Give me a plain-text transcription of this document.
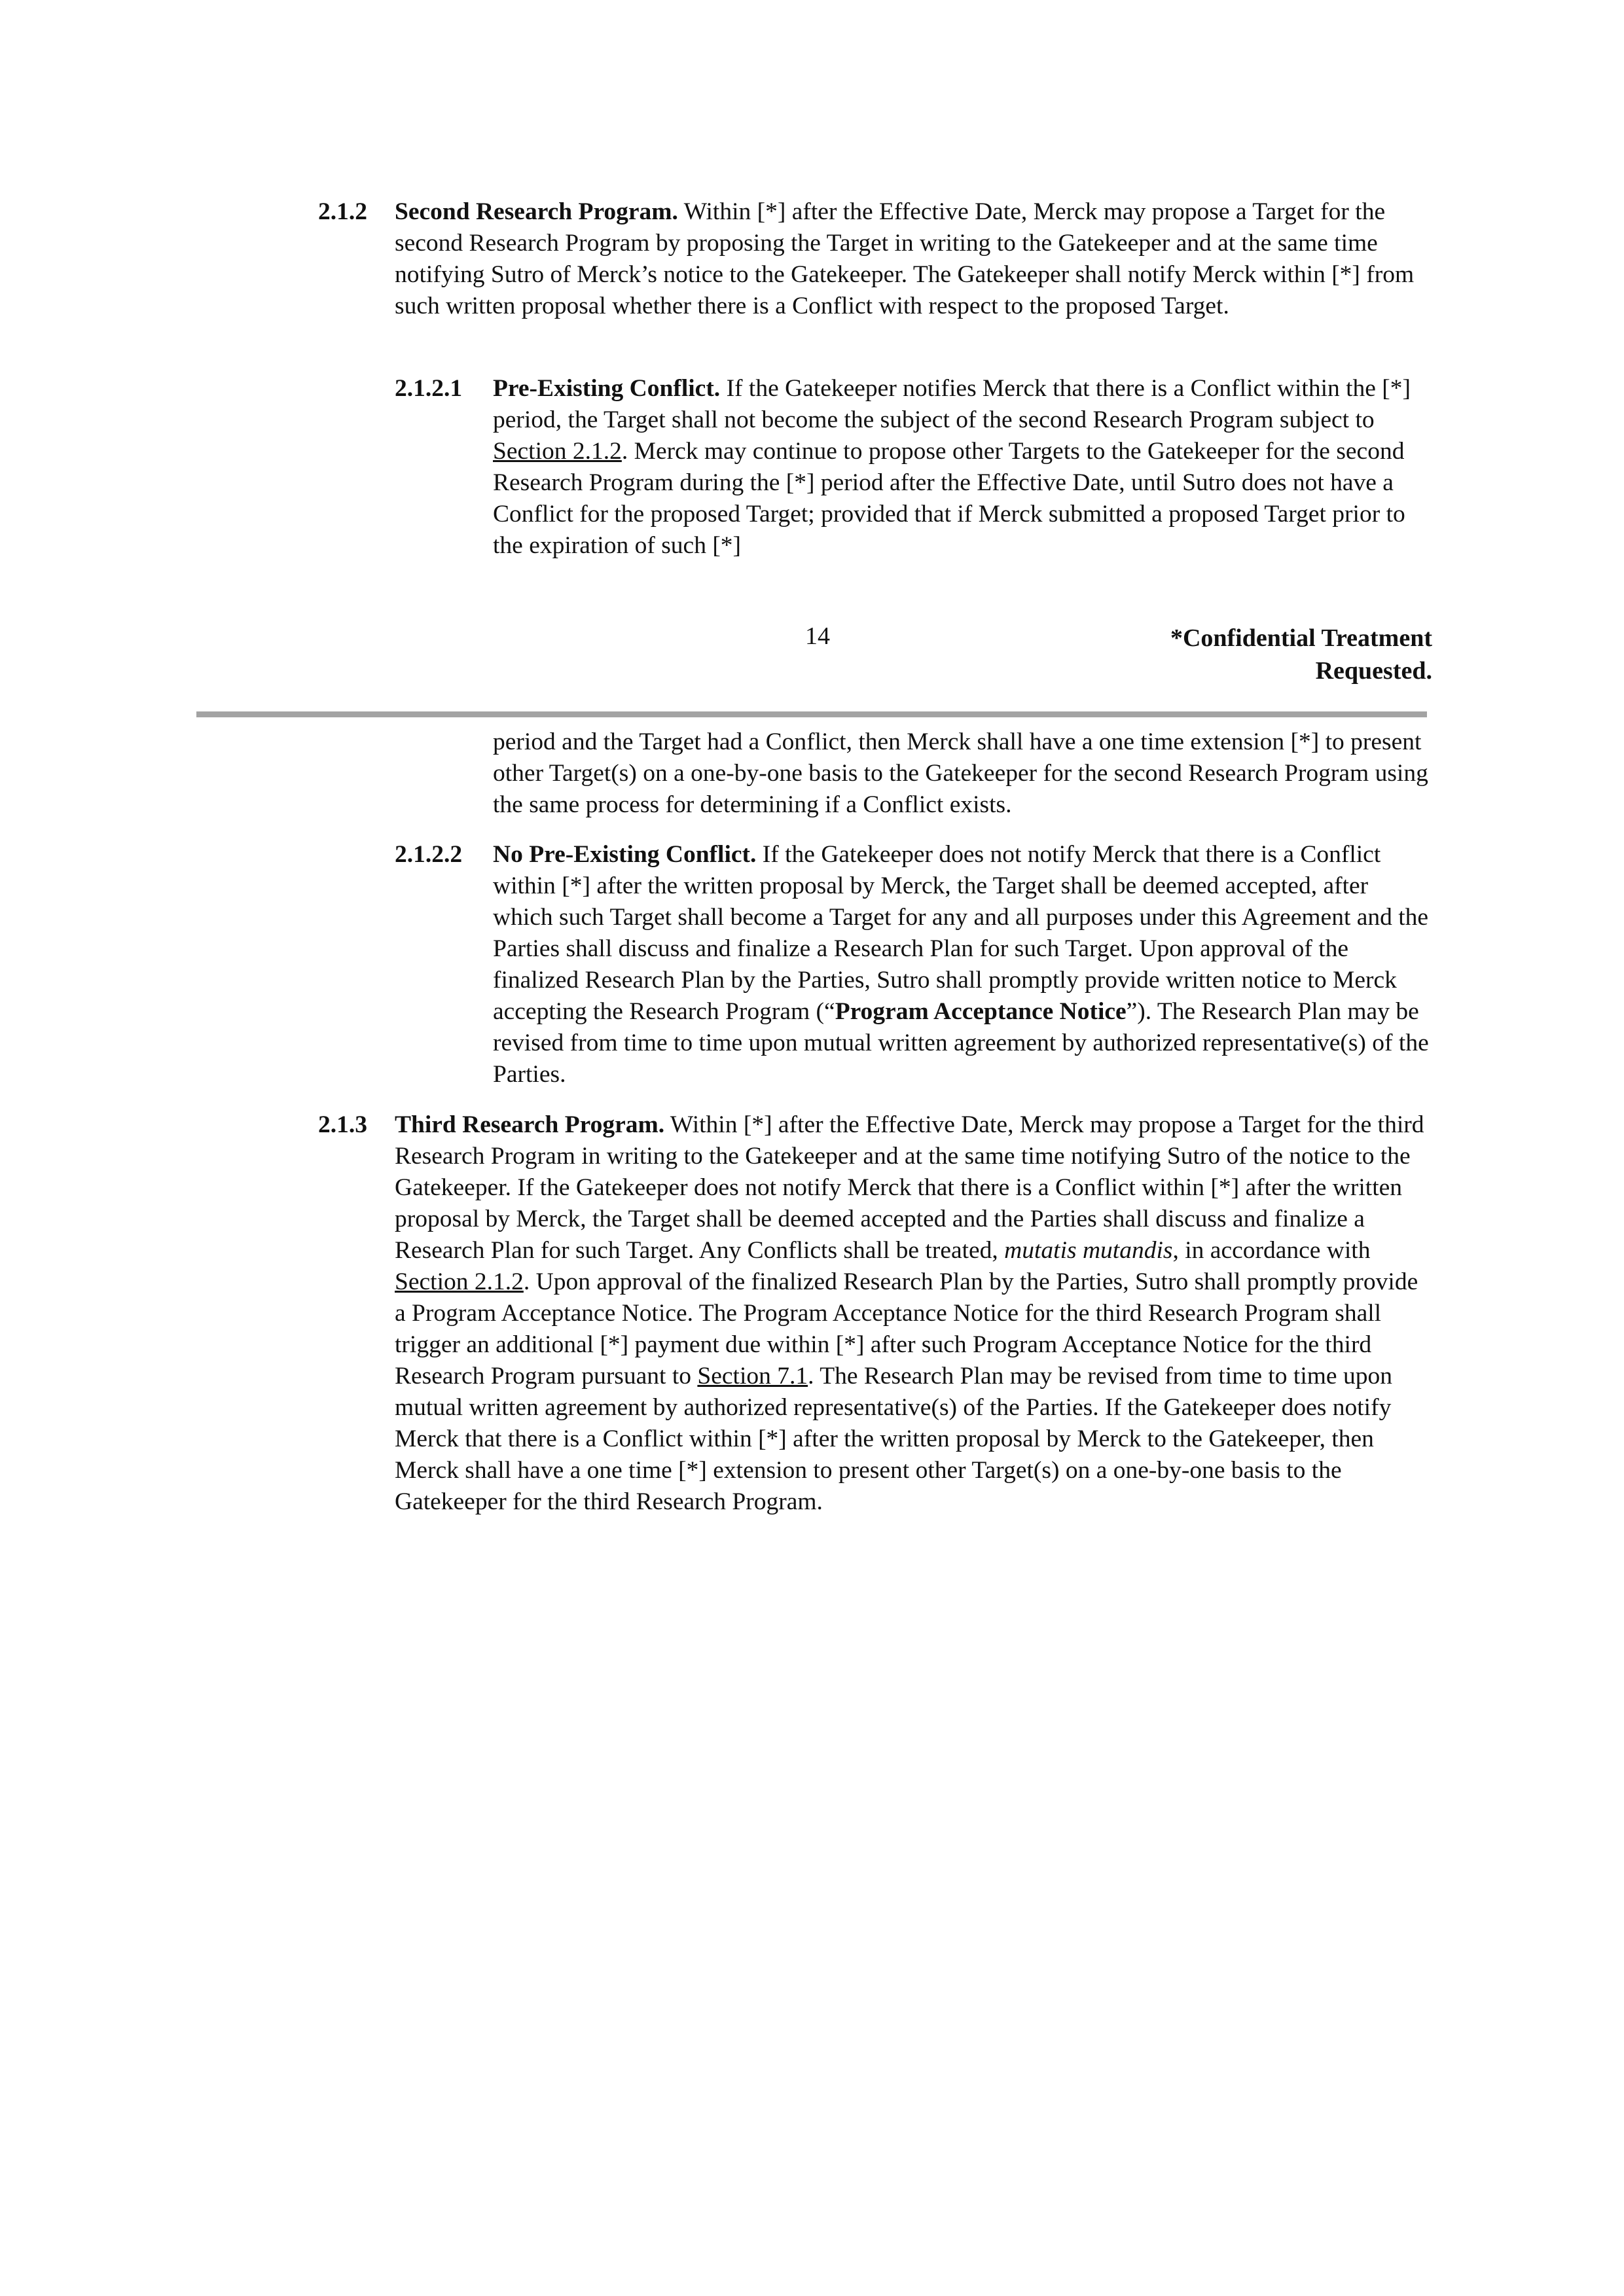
2.1.2 Second Research Program. Within [*] after the Effective Date, Merck may propose a Target for the second Research Program by proposing the Target in writing to the Gatekeeper and at the same time notifying Sutro of Merck’s notice to the Gatekeeper. The Gatekeeper shall notify Merck within [*] from such written proposal whether there is a Conflict with respect to the proposed Target.
2.1.2.1 Pre-Existing Conflict. If the Gatekeeper notifies Merck that there is a Conflict within the [*] period, the Target shall not become the subject of the second Research Program subject to Section 2.1.2. Merck may continue to propose other Targets to the Gatekeeper for the second Research Program during the [*] period after the Effective Date, until Sutro does not have a Conflict for the proposed Target; provided that if Merck submitted a proposed Target prior to the expiration of such [*]
14	*Confidential Treatment
Requested.
period and the Target had a Conflict, then Merck shall have a one time extension [*] to present other Target(s) on a one-by-one basis to the Gatekeeper for the second Research Program using the same process for determining if a Conflict exists.
2.1.2.2 No Pre-Existing Conflict. If the Gatekeeper does not notify Merck that there is a Conflict within [*] after the written proposal by Merck, the Target shall be deemed accepted, after which such Target shall become a Target for any and all purposes under this Agreement and the Parties shall discuss and finalize a Research Plan for such Target. Upon approval of the finalized Research Plan by the Parties, Sutro shall promptly provide written notice to Merck accepting the Research Program (“Program Acceptance Notice”). The Research Plan may be revised from time to time upon mutual written agreement by authorized representative(s) of the Parties.
2.1.3 Third Research Program. Within [*] after the Effective Date, Merck may propose a Target for the third Research Program in writing to the Gatekeeper and at the same time notifying Sutro of the notice to the Gatekeeper. If the Gatekeeper does not notify Merck that there is a Conflict within [*] after the written proposal by Merck, the Target shall be deemed accepted and the Parties shall discuss and finalize a Research Plan for such Target. Any Conflicts shall be treated, mutatis mutandis, in accordance with Section 2.1.2. Upon approval of the finalized Research Plan by the Parties, Sutro shall promptly provide a Program Acceptance Notice. The Program Acceptance Notice for the third Research Program shall trigger an additional [*] payment due within [*] after such Program Acceptance Notice for the third Research Program pursuant to Section 7.1. The Research Plan may be revised from time to time upon mutual written agreement by authorized representative(s) of the Parties. If the Gatekeeper does notify Merck that there is a Conflict within [*] after the written proposal by Merck to the Gatekeeper, then Merck shall have a one time [*] extension to present other Target(s) on a one-by-one basis to the Gatekeeper for the third Research Program.
